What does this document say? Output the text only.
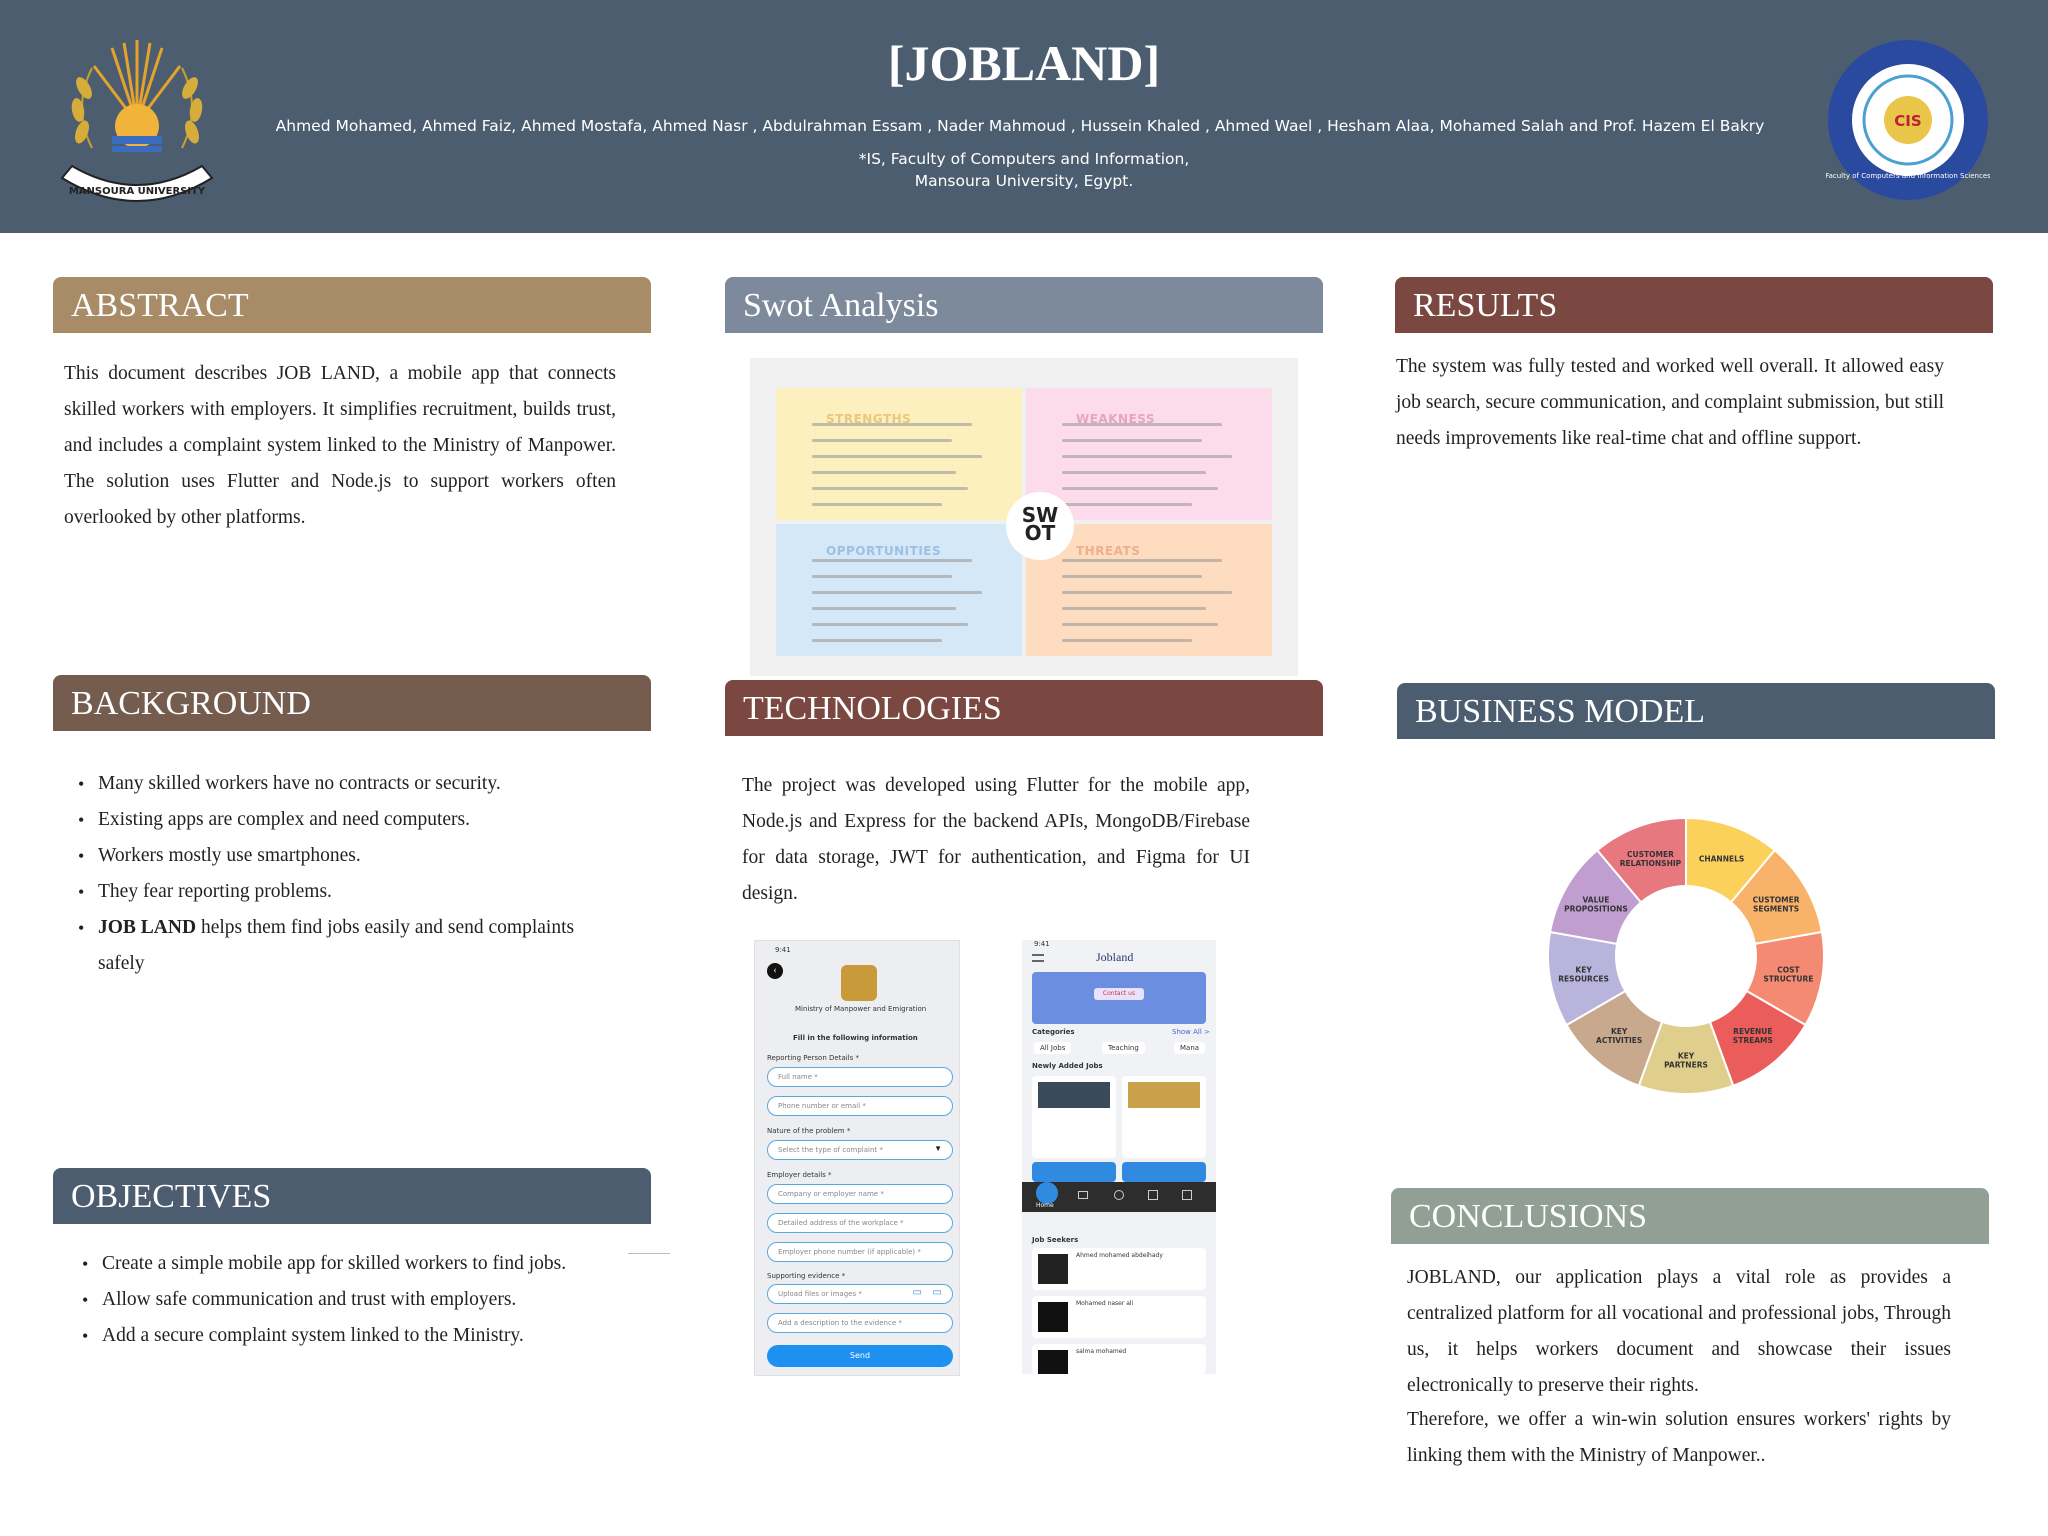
MANSOURA UNIVERSITY
CIS
Faculty of Computers and Information Sciences
[JOBLAND]
Ahmed Mohamed, Ahmed Faiz, Ahmed Mostafa, Ahmed Nasr , Abdulrahman Essam , Nader Mahmoud , Hussein Khaled , Ahmed Wael , Hesham Alaa, Mohamed Salah and Prof. Hazem El Bakry
*IS, Faculty of Computers and Information,
Mansoura University, Egypt.
ABSTRACT
This document describes JOB LAND, a mobile app that connects skilled workers with employers. It simplifies recruitment, builds trust, and includes a complaint system linked to the Ministry of Manpower. The solution uses Flutter and Node.js to support workers often overlooked by other platforms.
BACKGROUND
• Many skilled workers have no contracts or security.
• Existing apps are complex and need computers.
• Workers mostly use smartphones.
• They fear reporting problems.
• JOB LAND helps them find jobs easily and send complaints safely
OBJECTIVES
• Create a simple mobile app for skilled workers to find jobs.
• Allow safe communication and trust with employers.
• Add a secure complaint system linked to the Ministry.
Swot Analysis
STRENGTHS	WEAKNESS
OPPORTUNITIES	THREATS
SW
OT
TECHNOLOGIES
The project was developed using Flutter for the mobile app, Node.js and Express for the backend APIs, MongoDB/Firebase for data storage, JWT for authentication, and Figma for UI design.
9:41
‹
Ministry of Manpower and Emigration
Fill in the following information
Reporting Person Details *
Full name *
Phone number or email *
Nature of the problem *
Select the type of complaint *	▼
Employer details *
Company or employer name *
Detailed address of the workplace *
Employer phone number (if applicable) *
Supporting evidence *
Upload files or images *	▭ ▭
Add a description to the evidence *
Send
9:41
Jobland
Contact us
Categories	Show All >
All Jobs	Teaching	Mana
Newly Added Jobs
Home
Job Seekers
Ahmed mohamed abdelhady
Mohamed naser ali
salma mohamed
RESULTS
The system was fully tested and worked well overall. It allowed easy job search, secure communication, and complaint submission, but still needs improvements like real-time chat and offline support.
BUSINESS MODEL
CHANNELS
CUSTOMER SEGMENTS
COST STRUCTURE
REVENUE STREAMS
KEY PARTNERS
KEY ACTIVITIES
KEY RESOURCES
VALUE PROPOSITIONS
CUSTOMER RELATIONSHIP
CONCLUSIONS
JOBLAND, our application plays a vital role as provides a centralized platform for all vocational and professional jobs, Through us, it helps workers document and showcase their issues electronically to preserve their rights.
Therefore, we offer a win-win solution ensures workers' rights by linking them with the Ministry of Manpower..
